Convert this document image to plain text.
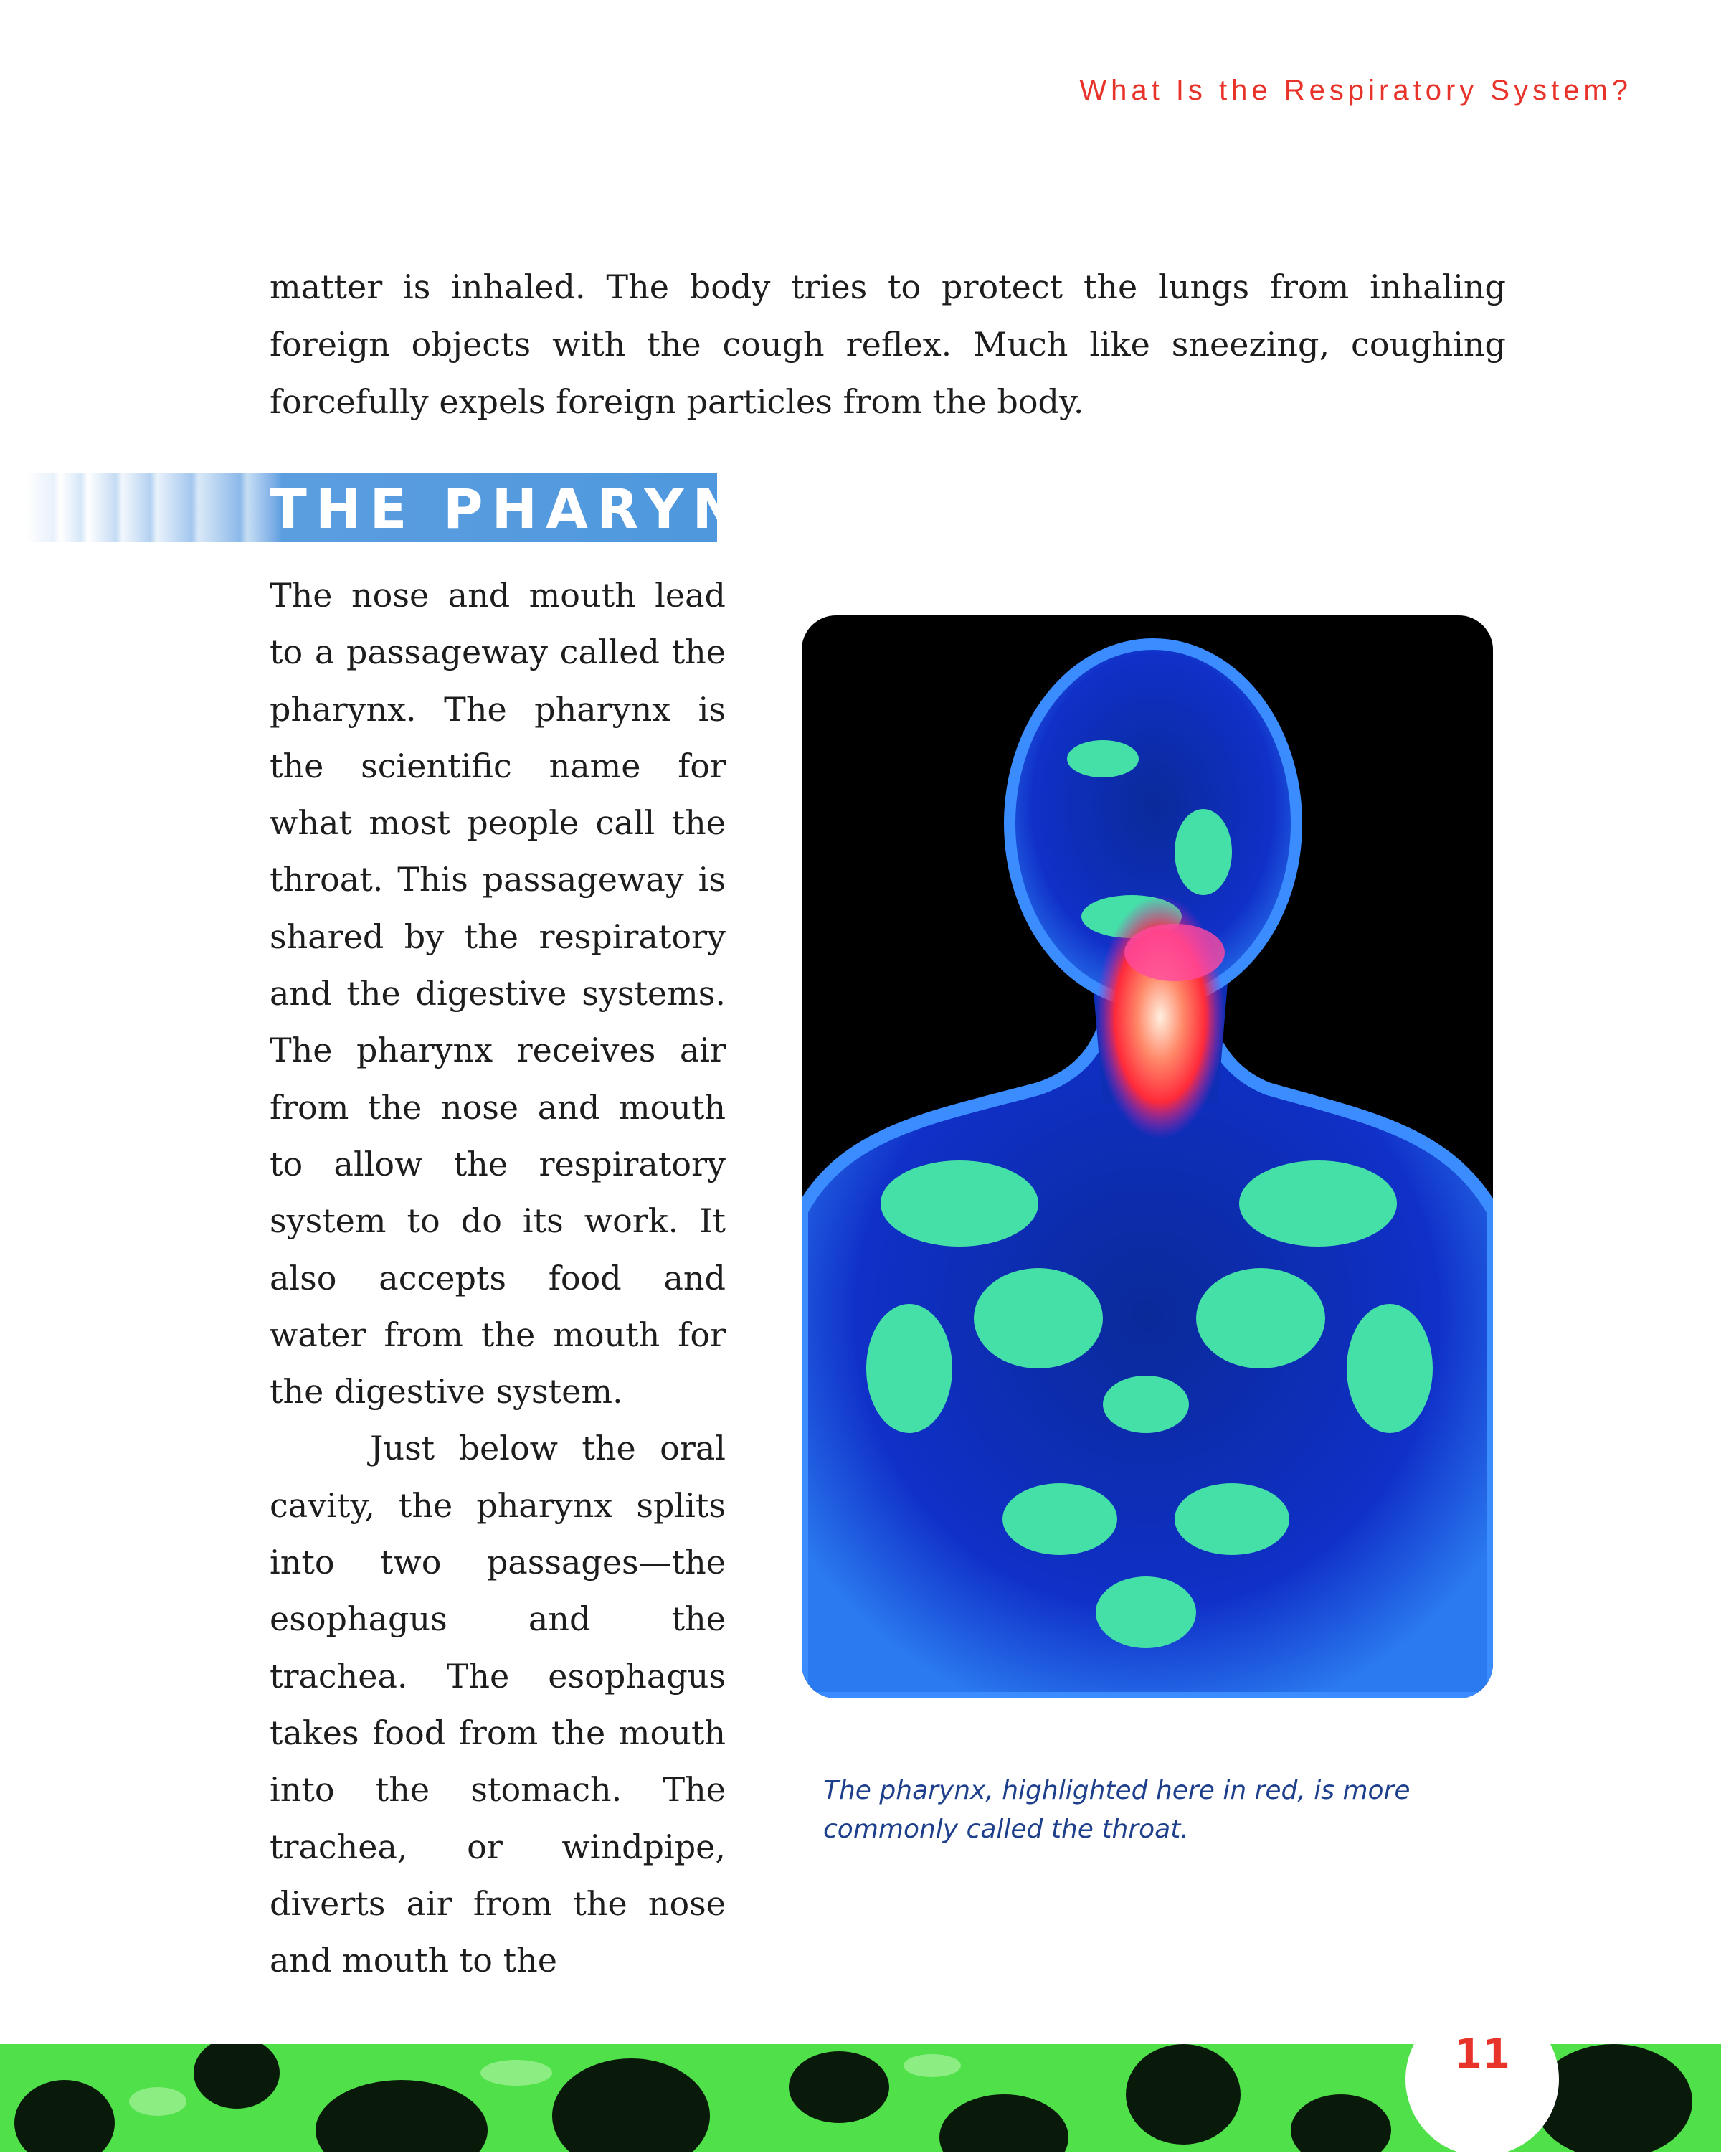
What Is the Respiratory System?

matter is inhaled. The body tries to protect the lungs from inhaling foreign objects with the cough reflex. Much like sneezing, coughing forcefully expels foreign particles from the body.

THE PHARYNX

The nose and mouth lead to a passageway called the pharynx. The pharynx is the scientific name for what most people call the throat. This passageway is shared by the respiratory and the digestive systems. The pharynx receives air from the nose and mouth to allow the respiratory system to do its work. It also accepts food and water from the mouth for the digestive system.

Just below the oral cavity, the pharynx splits into two passages—the esophagus and the trachea. The esophagus takes food from the mouth into the stomach. The trachea, or windpipe, diverts air from the nose and mouth to the

The pharynx, highlighted here in red, is more commonly called the throat.

11
